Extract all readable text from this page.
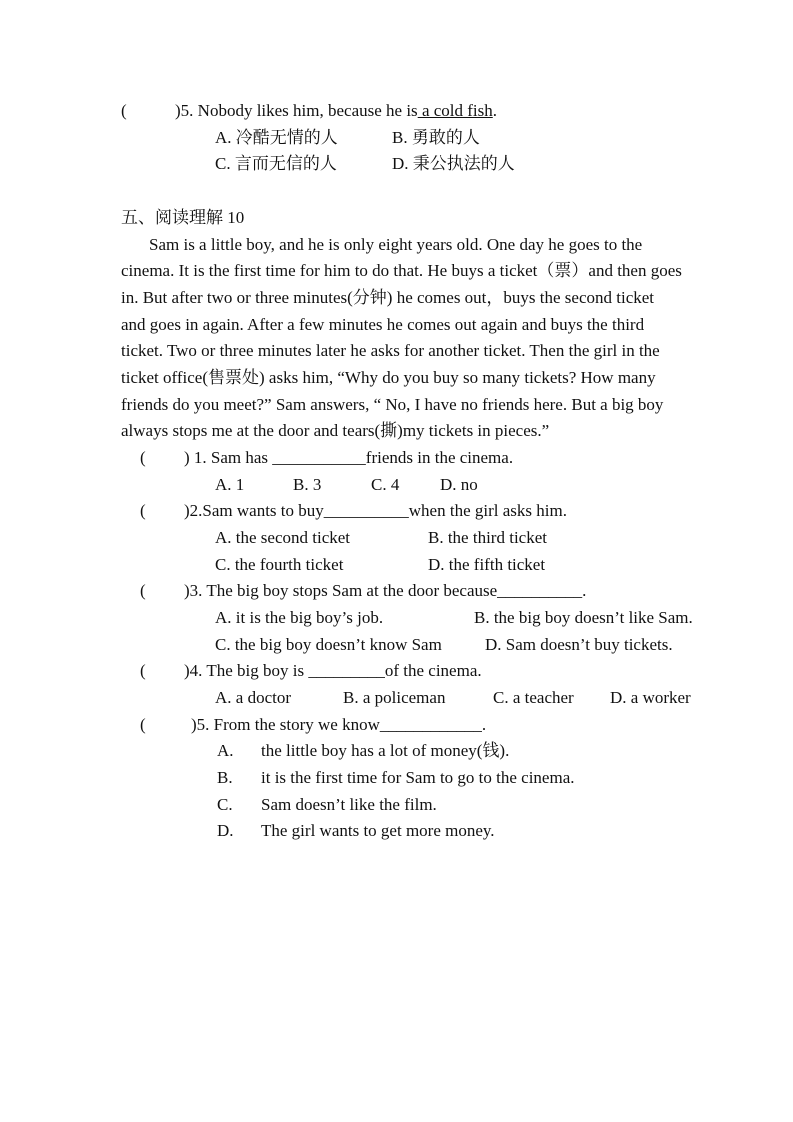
(	)5. Nobody likes him, because he is a cold fish.
A. 冷酷无情的人	B. 勇敢的人
C. 言而无信的人	D. 秉公执法的人
五、阅读理解 10
Sam is a little boy, and he is only eight years old. One day he goes to the
cinema. It is the first time for him to do that. He buys a ticket（票）and then goes
in. But after two or three minutes(分钟) he comes out，buys the second ticket
and goes in again. After a few minutes he comes out again and buys the third
ticket. Two or three minutes later he asks for another ticket. Then the girl in the
ticket office(售票处) asks him, “Why do you buy so many tickets? How many
friends do you meet?” Sam answers, “ No, I have no friends here. But a big boy
always stops me at the door and tears(撕)my tickets in pieces.”
( ) 1. Sam has ___________friends in the cinema.
A. 1	B. 3	C. 4 D. no
( )2.Sam wants to buy__________when the girl asks him.
A. the second ticket	B. the third ticket
C. the fourth ticket	D. the fifth ticket
( )3. The big boy stops Sam at the door because__________.
A. it is the big boy’s job.	B. the big boy doesn’t like Sam.
C. the big boy doesn’t know Sam	D. Sam doesn’t buy tickets.
( )4. The big boy is _________of the cinema.
A. a doctor	B. a policeman	C. a teacher D. a worker
(	)5. From the story we know____________.
A. the little boy has a lot of money(钱).
B. it is the first time for Sam to go to the cinema.
C. Sam doesn’t like the film.
D. The girl wants to get more money.
